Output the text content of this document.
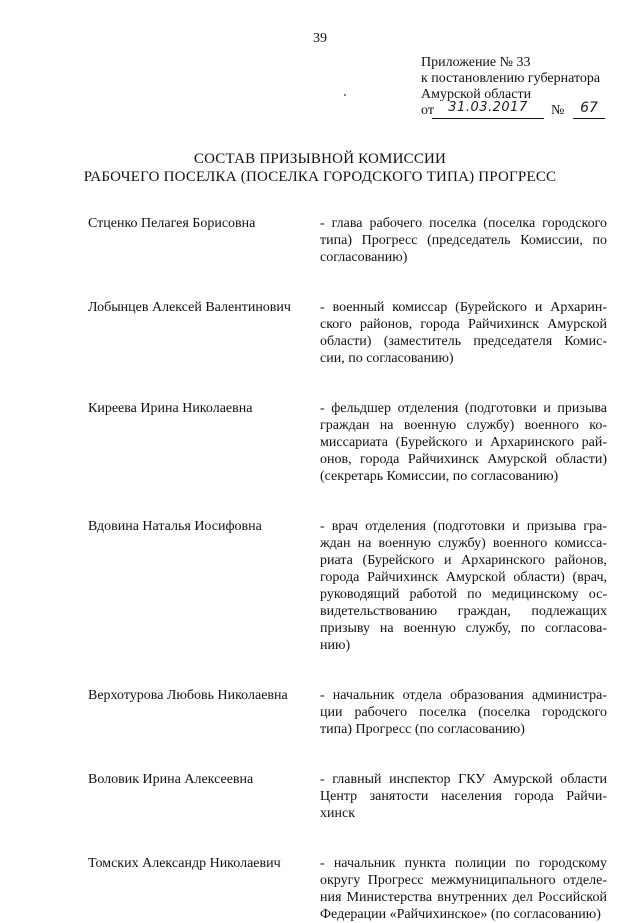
39
Приложение № 33
к постановлению губернатора
Амурской области
от	31.03.2017	№	67
СОСТАВ ПРИЗЫВНОЙ КОМИССИИ
РАБОЧЕГО ПОСЕЛКА (ПОСЕЛКА ГОРОДСКОГО ТИПА) ПРОГРЕСС
Стценко Пелагея Борисовна	- глава рабочего поселка (поселка городского
типа) Прогресс (председатель Комиссии, по
согласованию)
Лобынцев Алексей Валентинович	- военный комиссар (Бурейского и Архарин-
ского районов, города Райчихинск Амурской
области) (заместитель председателя Комис-
сии, по согласованию)
Киреева Ирина Николаевна	- фельдшер отделения (подготовки и призыва
граждан на военную службу) военного ко-
миссариата (Бурейского и Архаринского рай-
онов, города Райчихинск Амурской области)
(секретарь Комиссии, по согласованию)
Вдовина Наталья Иосифовна	- врач отделения (подготовки и призыва гра-
ждан на военную службу) военного комисса-
риата (Бурейского и Архаринского районов,
города Райчихинск Амурской области) (врач,
руководящий работой по медицинскому ос-
видетельствованию граждан, подлежащих
призыву на военную службу, по согласова-
нию)
Верхотурова Любовь Николаевна	- начальник отдела образования администра-
ции рабочего поселка (поселка городского
типа) Прогресс (по согласованию)
Воловик Ирина Алексеевна	- главный инспектор ГКУ Амурской области
Центр занятости населения города Райчи-
хинск
Томских Александр Николаевич	- начальник пункта полиции по городскому
округу Прогресс межмуниципального отделе-
ния Министерства внутренних дел Российской
Федерации «Райчихинское» (по согласованию)
